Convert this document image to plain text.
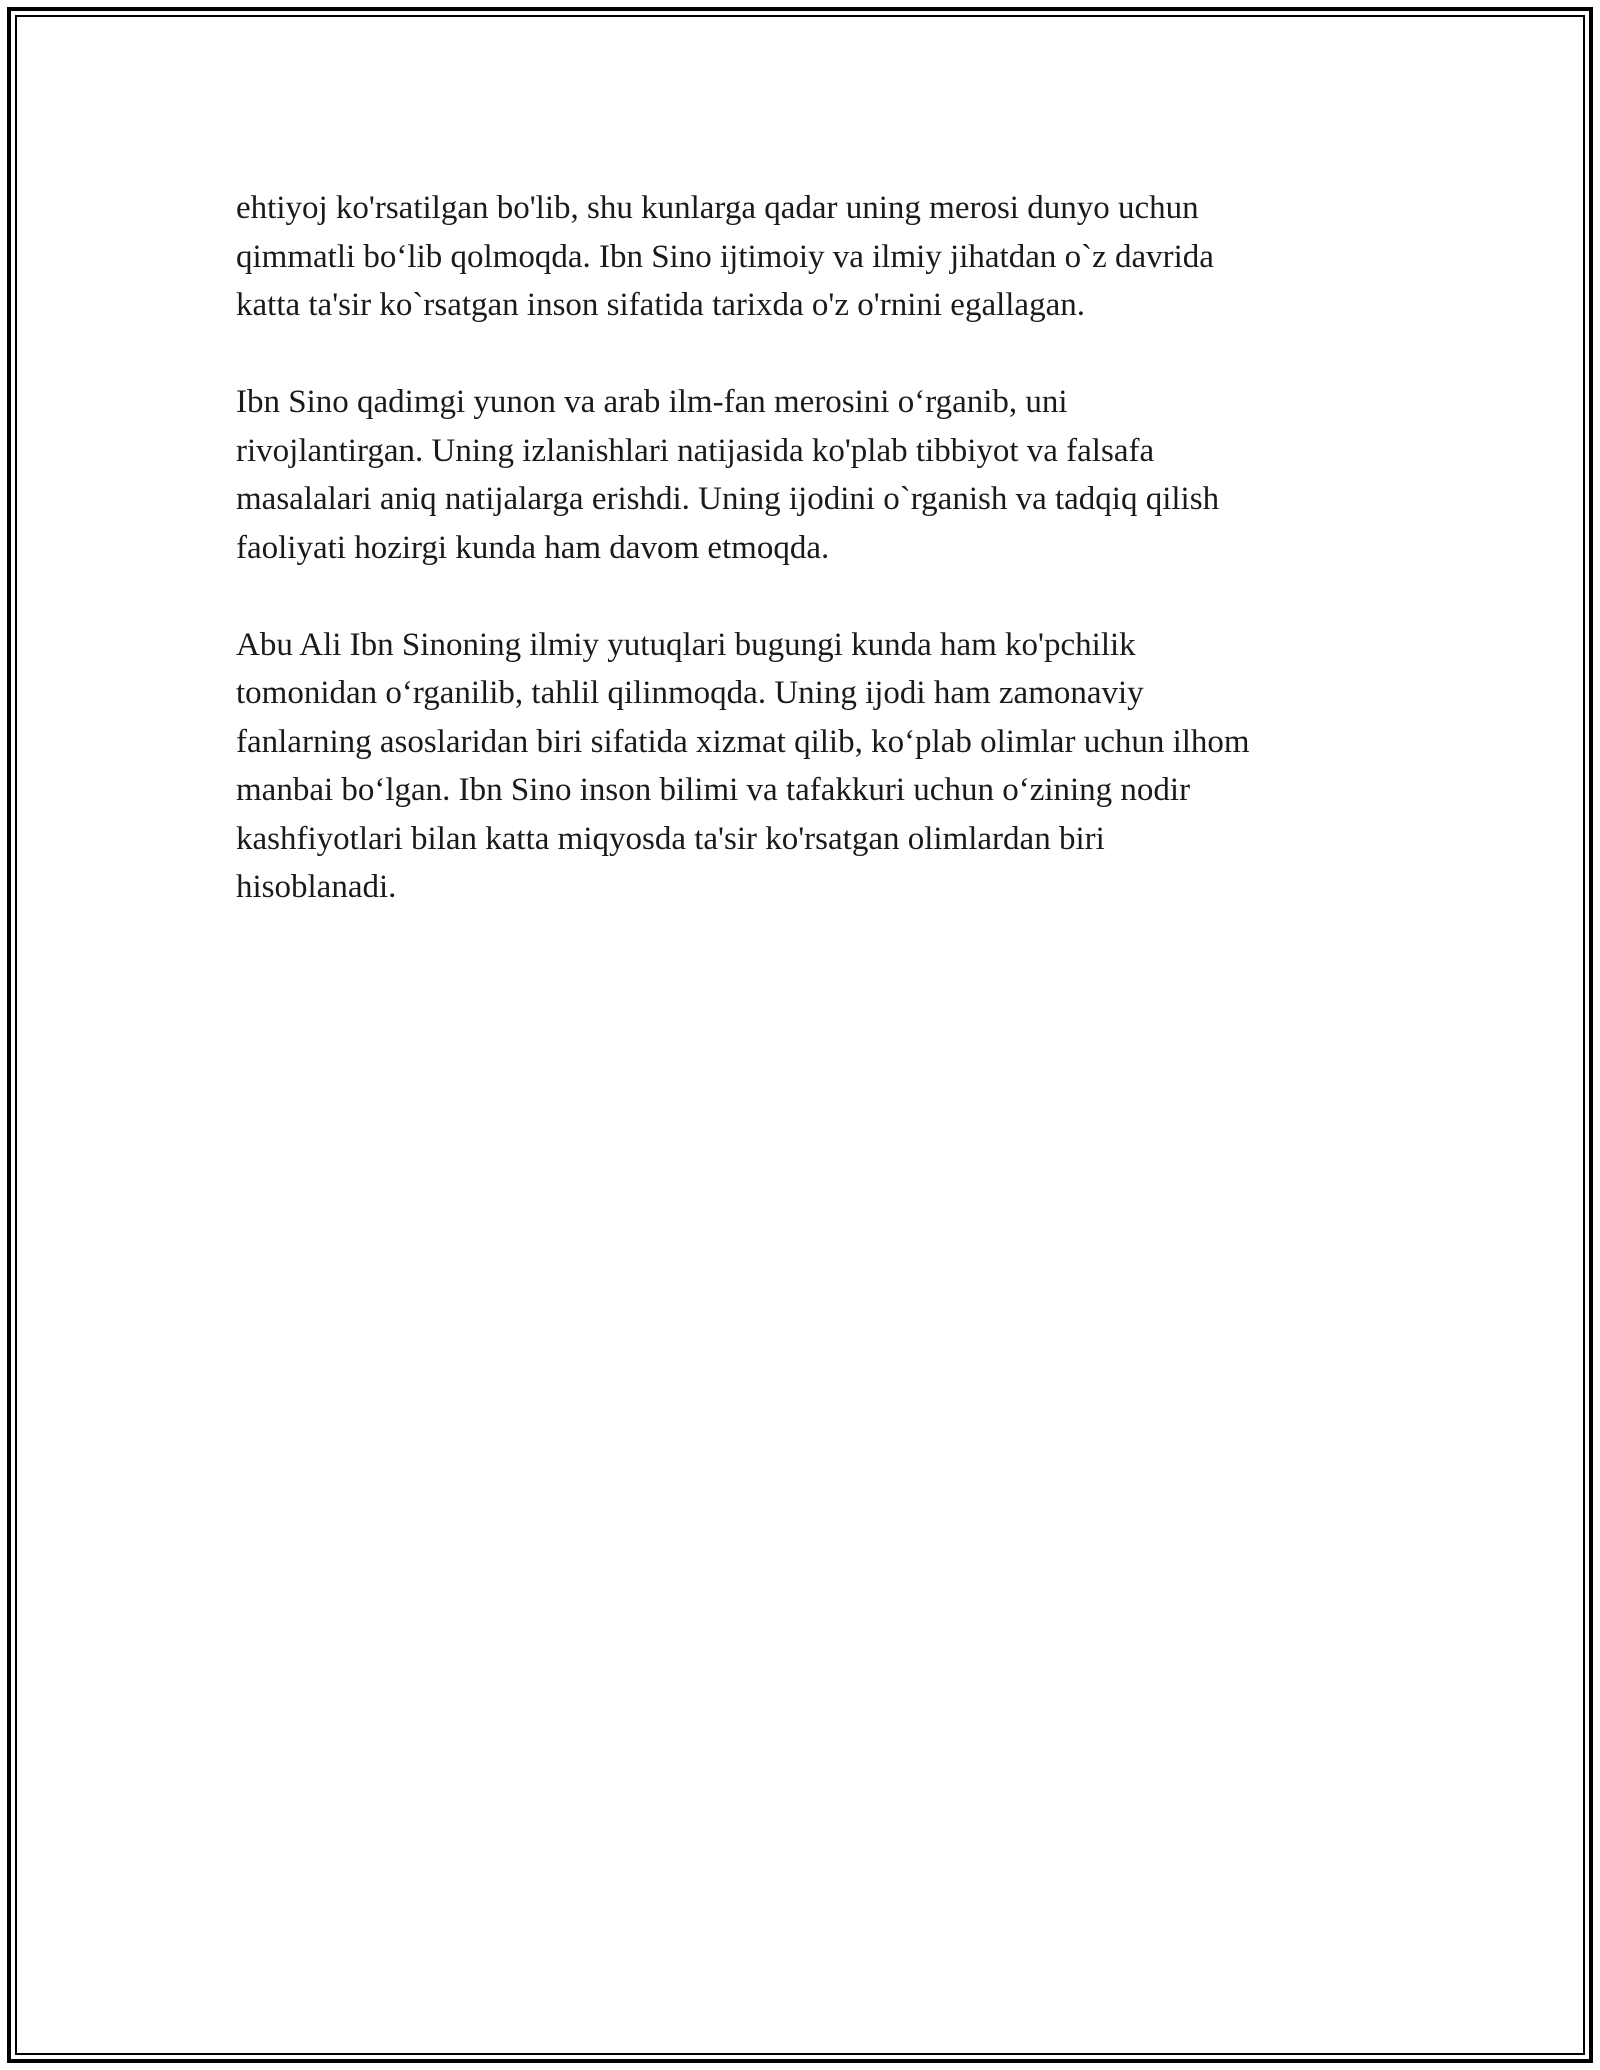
ehtiyoj ko'rsatilgan bo'lib, shu kunlarga qadar uning merosi dunyo uchun
qimmatli bo‘lib qolmoqda. Ibn Sino ijtimoiy va ilmiy jihatdan o`z davrida
katta ta'sir ko`rsatgan inson sifatida tarixda o'z o'rnini egallagan.

Ibn Sino qadimgi yunon va arab ilm-fan merosini o‘rganib, uni
rivojlantirgan. Uning izlanishlari natijasida ko'plab tibbiyot va falsafa
masalalari aniq natijalarga erishdi. Uning ijodini o`rganish va tadqiq qilish
faoliyati hozirgi kunda ham davom etmoqda.

Abu Ali Ibn Sinoning ilmiy yutuqlari bugungi kunda ham ko'pchilik
tomonidan o‘rganilib, tahlil qilinmoqda. Uning ijodi ham zamonaviy
fanlarning asoslaridan biri sifatida xizmat qilib, ko‘plab olimlar uchun ilhom
manbai bo‘lgan. Ibn Sino inson bilimi va tafakkuri uchun o‘zining nodir
kashfiyotlari bilan katta miqyosda ta'sir ko'rsatgan olimlardan biri
hisoblanadi.
